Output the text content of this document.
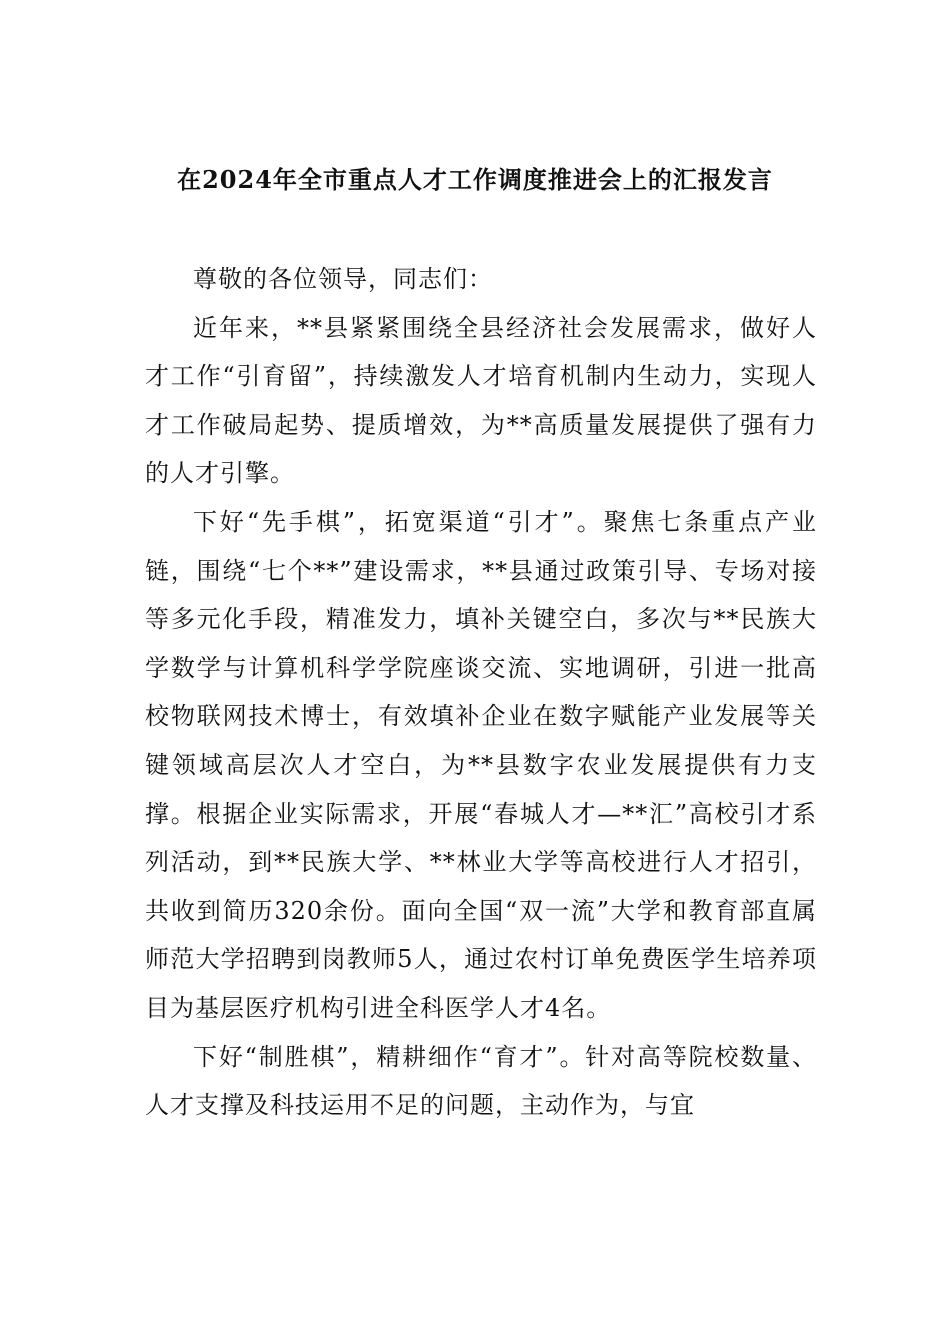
在2024年全市重点人才工作调度推进会上的汇报发言

尊敬的各位领导，同志们：

近年来，**县紧紧围绕全县经济社会发展需求，做好人才工作“引育留”，持续激发人才培育机制内生动力，实现人才工作破局起势、提质增效，为**高质量发展提供了强有力的人才引擎。

下好“先手棋”，拓宽渠道“引才”。聚焦七条重点产业链，围绕“七个**”建设需求，**县通过政策引导、专场对接等多元化手段，精准发力，填补关键空白，多次与**民族大学数学与计算机科学学院座谈交流、实地调研，引进一批高校物联网技术博士，有效填补企业在数字赋能产业发展等关键领域高层次人才空白，为**县数字农业发展提供有力支撑。根据企业实际需求，开展“春城人才—**汇”高校引才系列活动，到**民族大学、**林业大学等高校进行人才招引，共收到简历320余份。面向全国“双一流”大学和教育部直属师范大学招聘到岗教师5人，通过农村订单免费医学生培养项目为基层医疗机构引进全科医学人才4名。

下好“制胜棋”，精耕细作“育才”。针对高等院校数量、人才支撑及科技运用不足的问题，主动作为，与宜
